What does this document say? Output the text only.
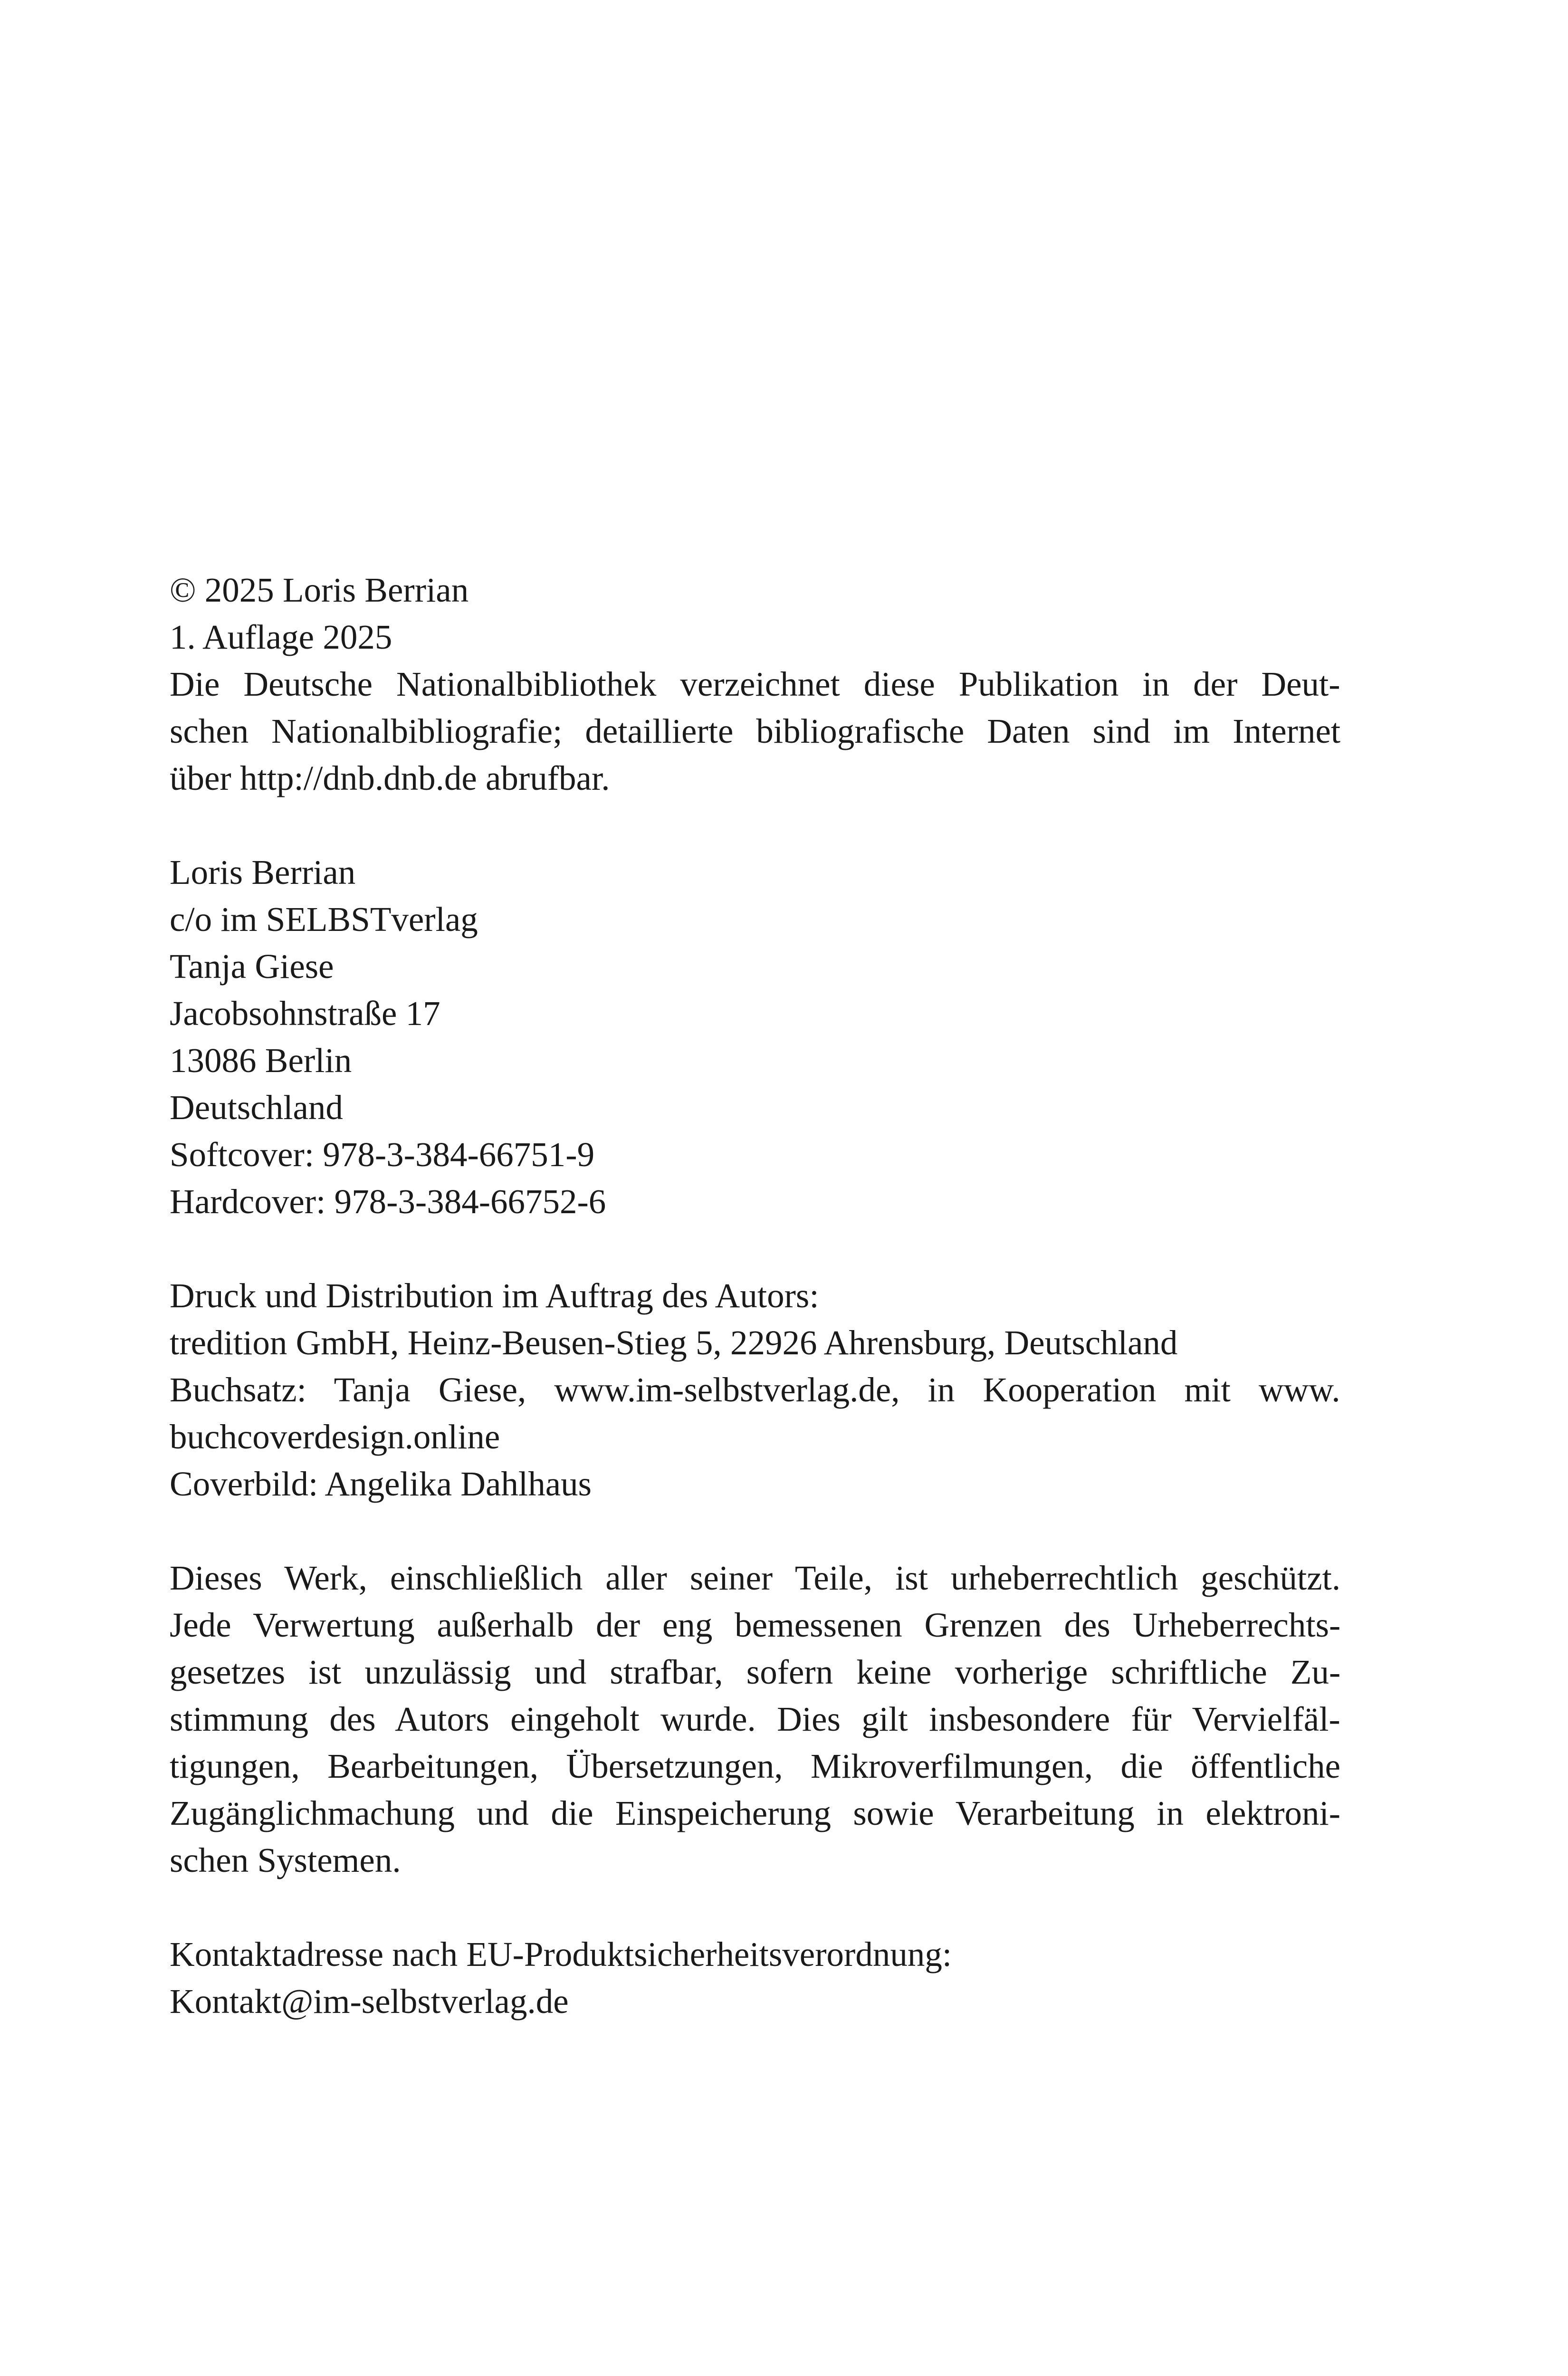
© 2025 Loris Berrian
1. Auflage 2025
Die Deutsche Nationalbibliothek verzeichnet diese Publikation in der Deut-
schen Nationalbibliografie; detaillierte bibliografische Daten sind im Internet
über http://dnb.dnb.de abrufbar.
Loris Berrian
c/o im SELBSTverlag
Tanja Giese
Jacobsohnstraße 17
13086 Berlin
Deutschland
Softcover: 978-3-384-66751-9
Hardcover: 978-3-384-66752-6
Druck und Distribution im Auftrag des Autors:
tredition GmbH, Heinz-Beusen-Stieg 5, 22926 Ahrensburg, Deutschland
Buchsatz: Tanja Giese, www.im-selbstverlag.de, in Kooperation mit www.
buchcoverdesign.online
Coverbild: Angelika Dahlhaus
Dieses Werk, einschließlich aller seiner Teile, ist urheberrechtlich geschützt.
Jede Verwertung außerhalb der eng bemessenen Grenzen des Urheberrechts-
gesetzes ist unzulässig und strafbar, sofern keine vorherige schriftliche Zu-
stimmung des Autors eingeholt wurde. Dies gilt insbesondere für Vervielfäl-
tigungen, Bearbeitungen, Übersetzungen, Mikroverfilmungen, die öffentliche
Zugänglichmachung und die Einspeicherung sowie Verarbeitung in elektroni-
schen Systemen.
Kontaktadresse nach EU-Produktsicherheitsverordnung:
Kontakt@im-selbstverlag.de
